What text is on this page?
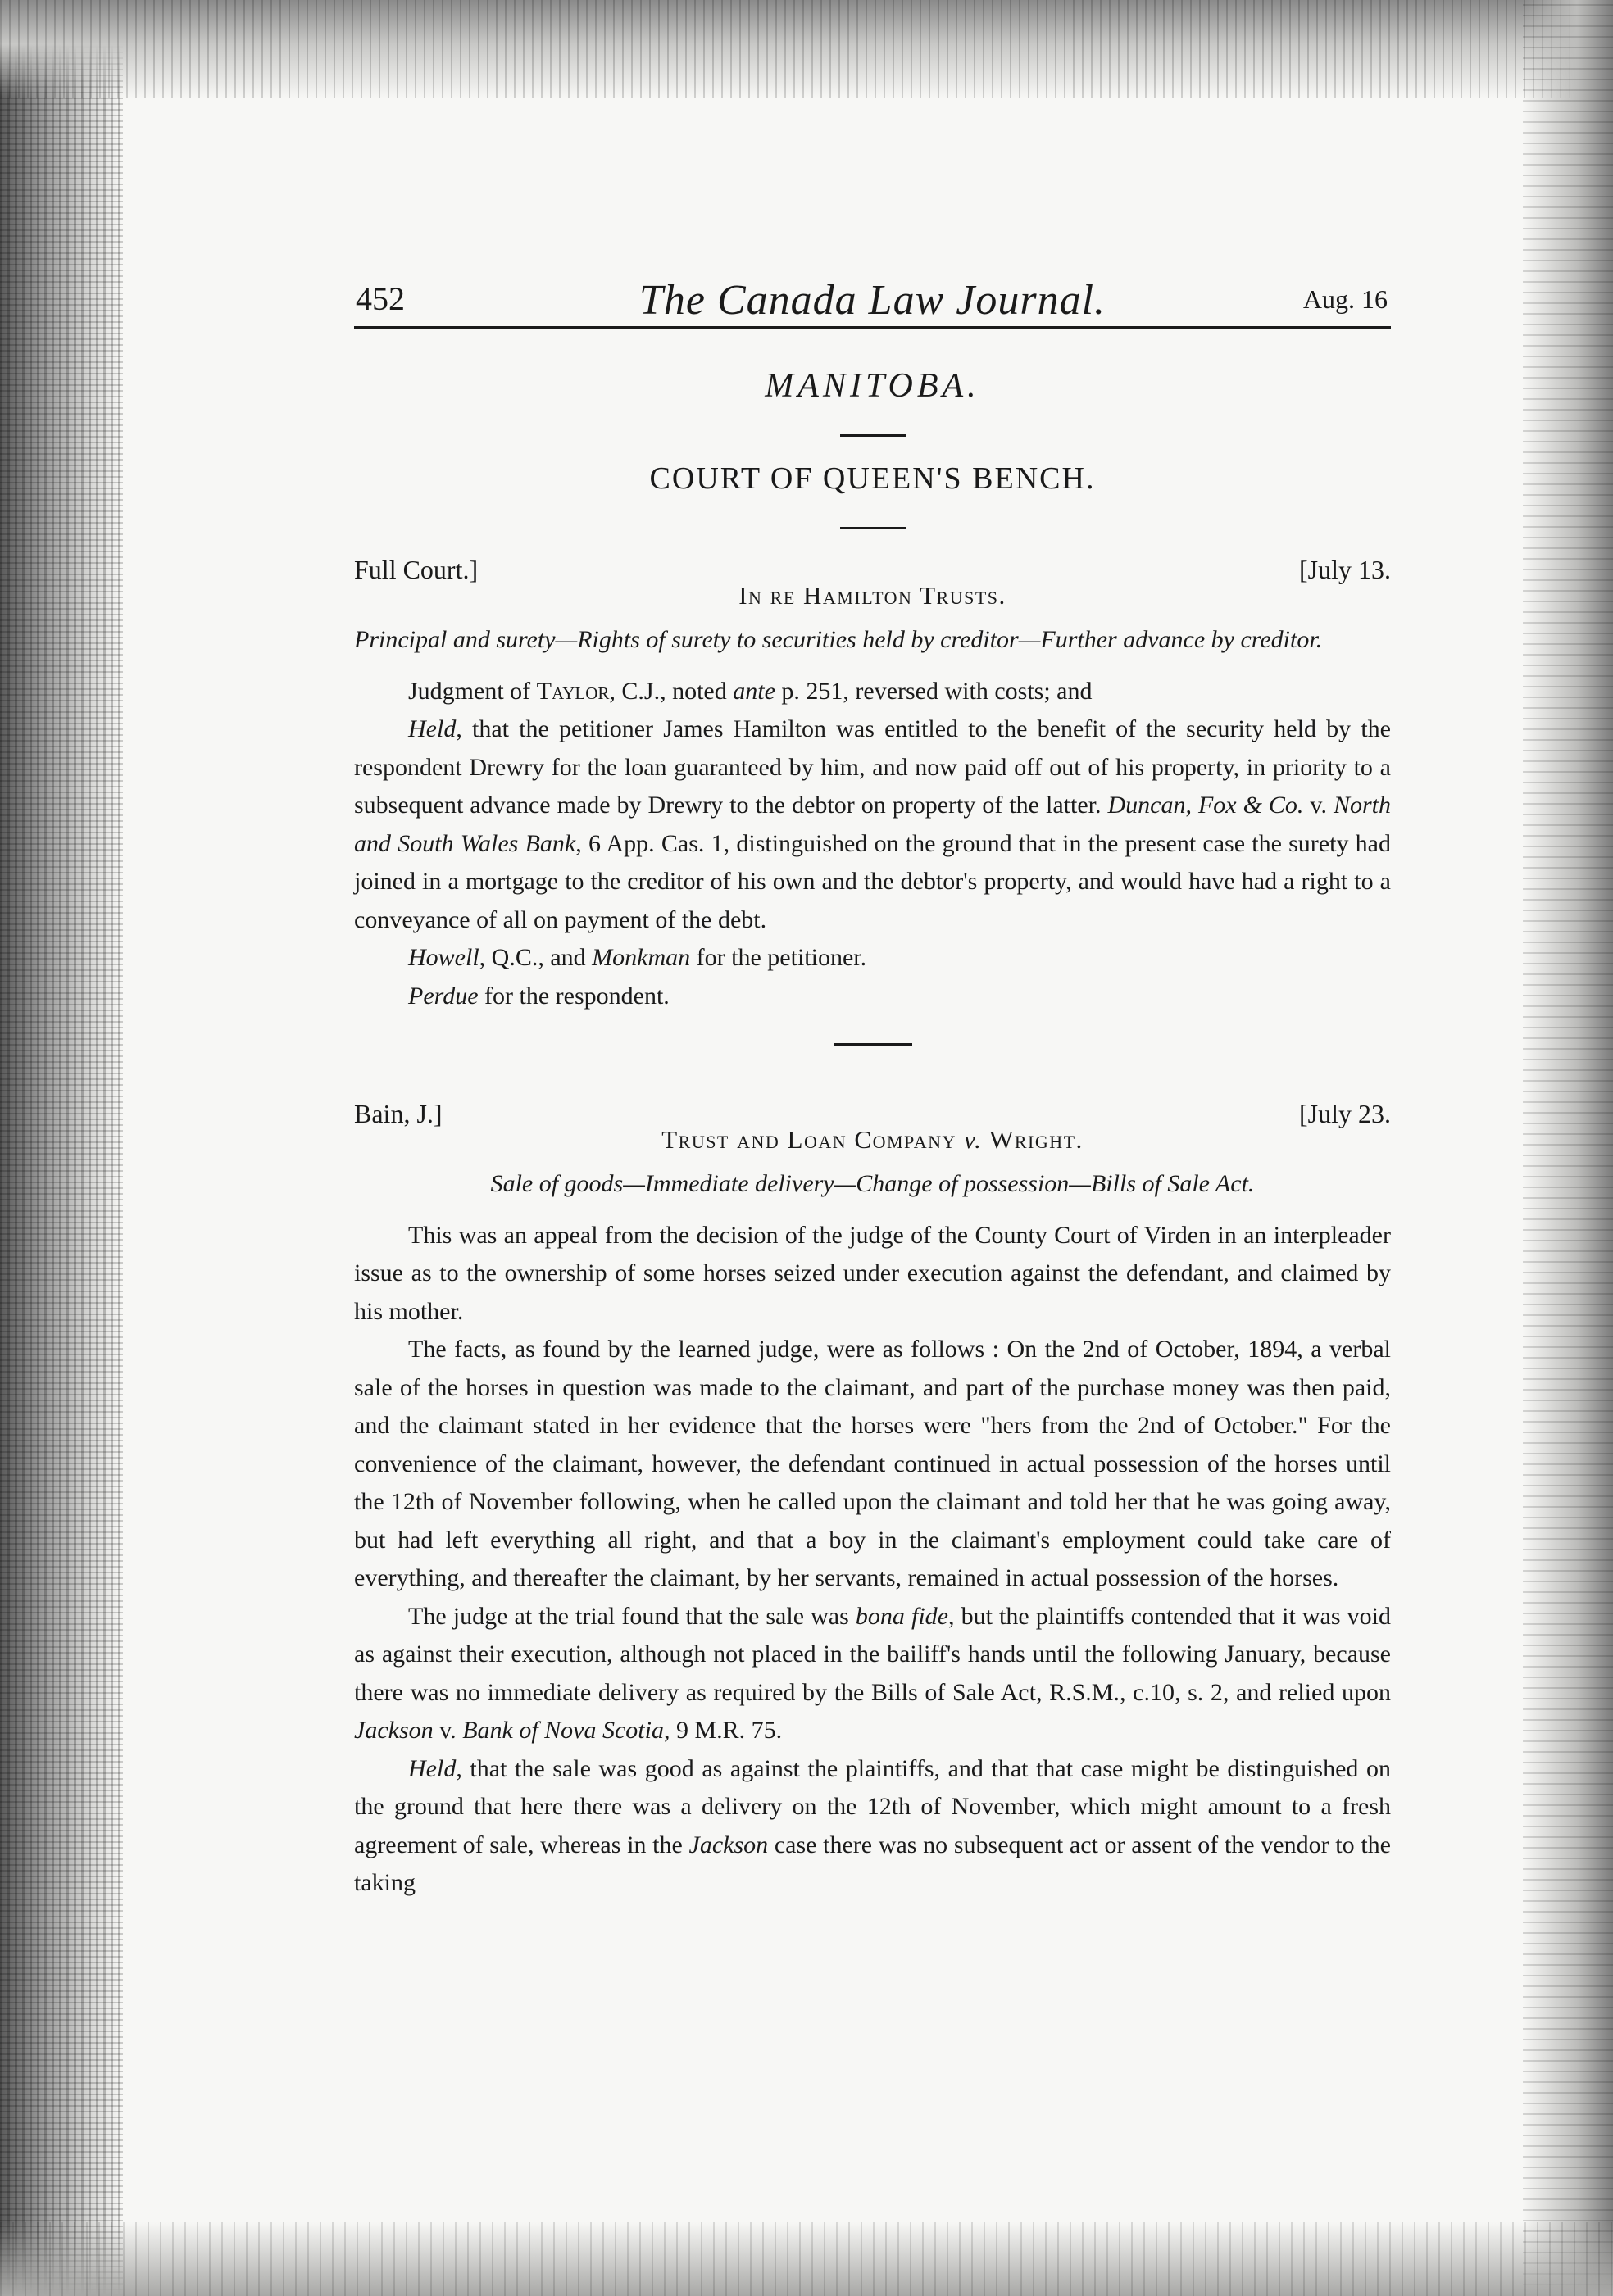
452	The Canada Law Journal.	Aug. 16
MANITOBA.
COURT OF QUEEN'S BENCH.
Full Court.]	[July 13.
In re Hamilton Trusts.

Principal and surety—Rights of surety to securities held by creditor—Further advance by creditor.

Judgment of Taylor, C.J., noted ante p. 251, reversed with costs; and

Held, that the petitioner James Hamilton was entitled to the benefit of the security held by the respondent Drewry for the loan guaranteed by him, and now paid off out of his property, in priority to a subsequent advance made by Drewry to the debtor on property of the latter. Duncan, Fox & Co. v. North and South Wales Bank, 6 App. Cas. 1, distinguished on the ground that in the present case the surety had joined in a mortgage to the creditor of his own and the debtor's property, and would have had a right to a conveyance of all on payment of the debt.

Howell, Q.C., and Monkman for the petitioner.

Perdue for the respondent.

Bain, J.]	[July 23.
Trust and Loan Company v. Wright.

Sale of goods—Immediate delivery—Change of possession—Bills of Sale Act.

This was an appeal from the decision of the judge of the County Court of Virden in an interpleader issue as to the ownership of some horses seized under execution against the defendant, and claimed by his mother.

The facts, as found by the learned judge, were as follows : On the 2nd of October, 1894, a verbal sale of the horses in question was made to the claimant, and part of the purchase money was then paid, and the claimant stated in her evidence that the horses were "hers from the 2nd of October." For the convenience of the claimant, however, the defendant continued in actual possession of the horses until the 12th of November following, when he called upon the claimant and told her that he was going away, but had left everything all right, and that a boy in the claimant's employment could take care of everything, and thereafter the claimant, by her servants, remained in actual possession of the horses.

The judge at the trial found that the sale was bona fide, but the plaintiffs contended that it was void as against their execution, although not placed in the bailiff's hands until the following January, because there was no immediate delivery as required by the Bills of Sale Act, R.S.M., c.10, s. 2, and relied upon Jackson v. Bank of Nova Scotia, 9 M.R. 75.

Held, that the sale was good as against the plaintiffs, and that that case might be distinguished on the ground that here there was a delivery on the 12th of November, which might amount to a fresh agreement of sale, whereas in the Jackson case there was no subsequent act or assent of the vendor to the taking
